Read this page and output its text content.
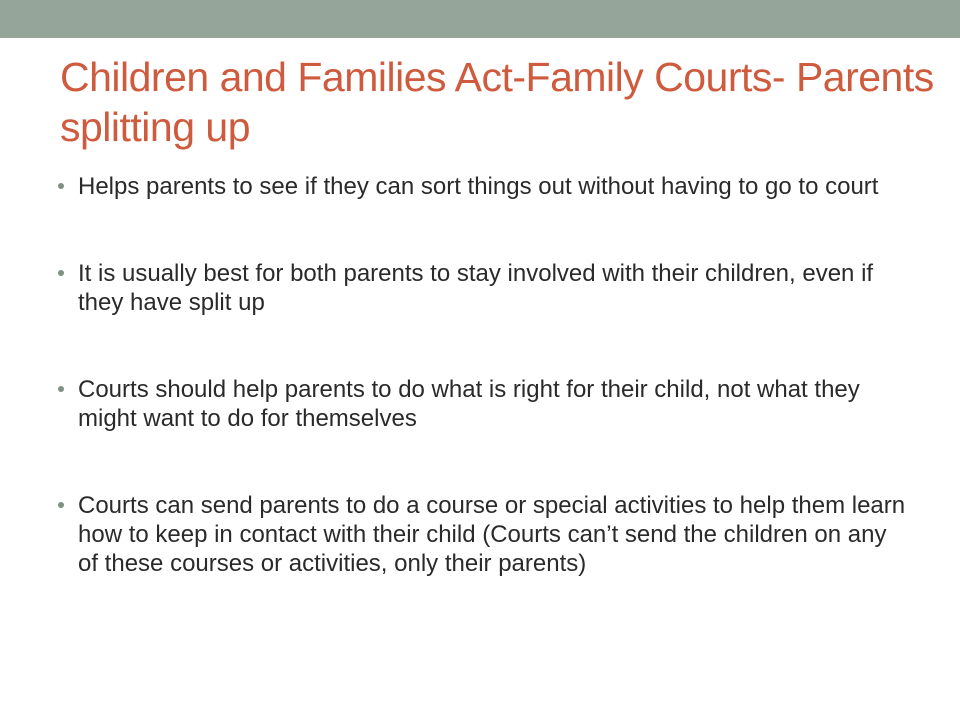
Children and Families Act-Family Courts- Parents splitting up
Helps parents to see if they can sort things out without having to go to court
It is usually best for both parents to stay involved with their children, even if they have split up
Courts should help parents to do what is right for their child, not what they might want to do for themselves
Courts can send parents to do a course or special activities to help them learn how to keep in contact with their child (Courts can’t send the children on any of these courses or activities, only their parents)
